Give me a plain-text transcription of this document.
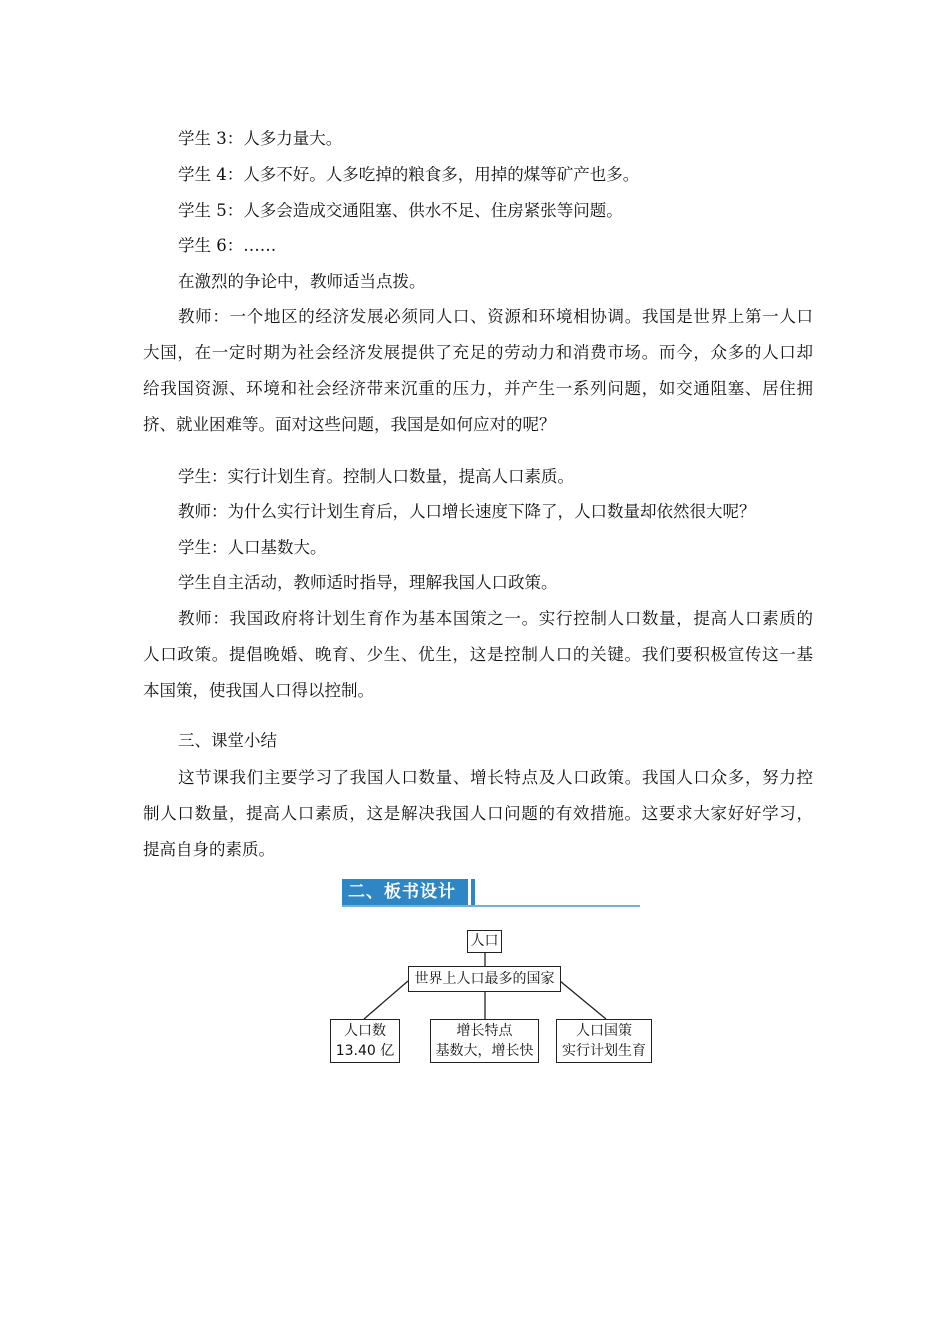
学生 3：人多力量大。
学生 4：人多不好。人多吃掉的粮食多，用掉的煤等矿产也多。
学生 5：人多会造成交通阻塞、供水不足、住房紧张等问题。
学生 6：……
在激烈的争论中，教师适当点拨。
教师：一个地区的经济发展必须同人口、资源和环境相协调。我国是世界上第一人口
大国，在一定时期为社会经济发展提供了充足的劳动力和消费市场。而今，众多的人口却
给我国资源、环境和社会经济带来沉重的压力，并产生一系列问题，如交通阻塞、居住拥
挤、就业困难等。面对这些问题，我国是如何应对的呢？
学生：实行计划生育。控制人口数量，提高人口素质。
教师：为什么实行计划生育后，人口增长速度下降了，人口数量却依然很大呢？
学生：人口基数大。
学生自主活动，教师适时指导，理解我国人口政策。
教师：我国政府将计划生育作为基本国策之一。实行控制人口数量，提高人口素质的
人口政策。提倡晚婚、晚育、少生、优生，这是控制人口的关键。我们要积极宣传这一基
本国策，使我国人口得以控制。
三、课堂小结
这节课我们主要学习了我国人口数量、增长特点及人口政策。我国人口众多，努力控
制人口数量，提高人口素质，这是解决我国人口问题的有效措施。这要求大家好好学习，
提高自身的素质。
二、板书设计
人口
世界上人口最多的国家
人口数
13.40 亿
增长特点
基数大，增长快
人口国策
实行计划生育
